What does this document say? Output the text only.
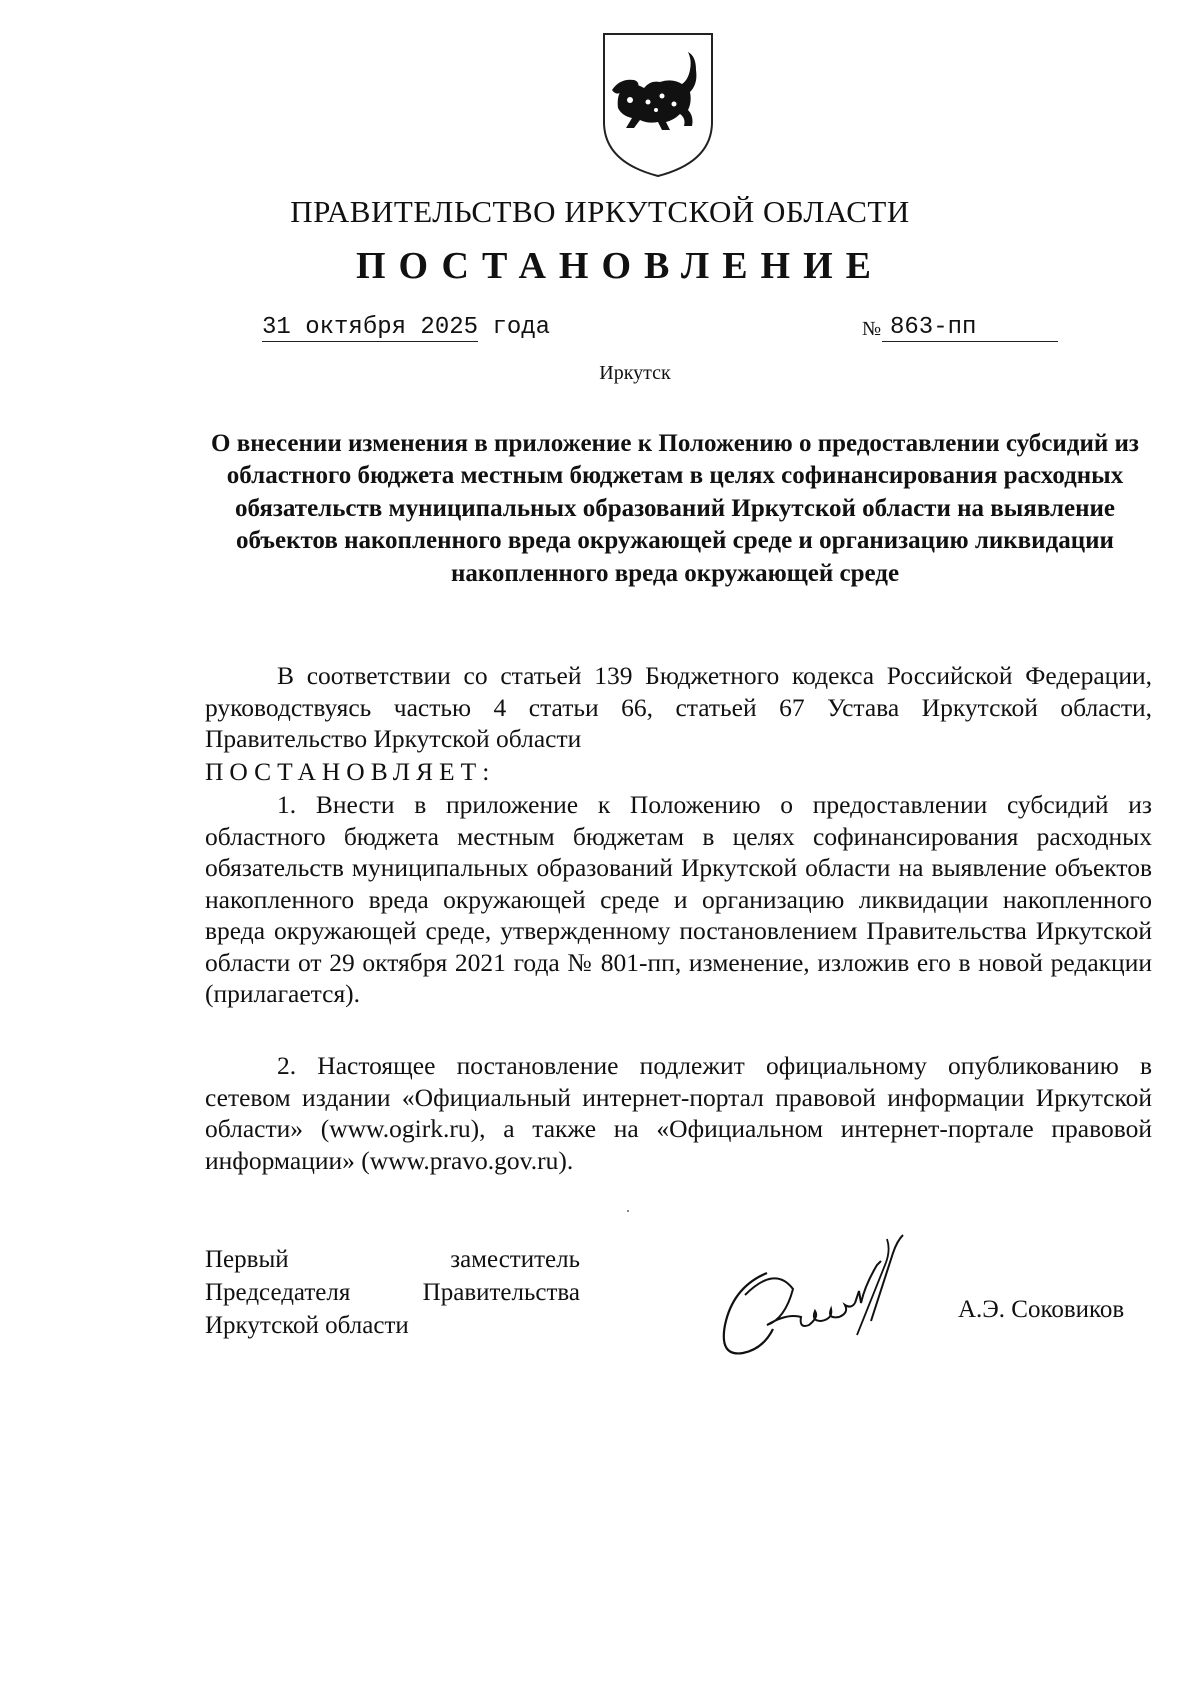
ПРАВИТЕЛЬСТВО ИРКУТСКОЙ ОБЛАСТИ
ПОСТАНОВЛЕНИЕ
31 октября 2025 года	№ 863-пп
Иркутск
О внесении изменения в приложение к Положению о предоставлении субсидий из областного бюджета местным бюджетам в целях софинансирования расходных обязательств муниципальных образований Иркутской области на выявление объектов накопленного вреда окружающей среде и организацию ликвидации накопленного вреда окружающей среде
В соответствии со статьей 139 Бюджетного кодекса Российской Федерации, руководствуясь частью 4 статьи 66, статьей 67 Устава Иркутской области, Правительство Иркутской области
ПОСТАНОВЛЯЕТ:
1. Внести в приложение к Положению о предоставлении субсидий из областного бюджета местным бюджетам в целях софинансирования расходных обязательств муниципальных образований Иркутской области на выявление объектов накопленного вреда окружающей среде и организацию ликвидации накопленного вреда окружающей среде, утвержденному постановлением Правительства Иркутской области от 29 октября 2021 года № 801-пп, изменение, изложив его в новой редакции (прилагается).
2. Настоящее постановление подлежит официальному опубликованию в сетевом издании «Официальный интернет-портал правовой информации Иркутской области» (www.ogirk.ru), а также на «Официальном интернет-портале правовой информации» (www.pravo.gov.ru).
Первый	заместитель
Председателя	Правительства
Иркутской области
А.Э. Соковиков
